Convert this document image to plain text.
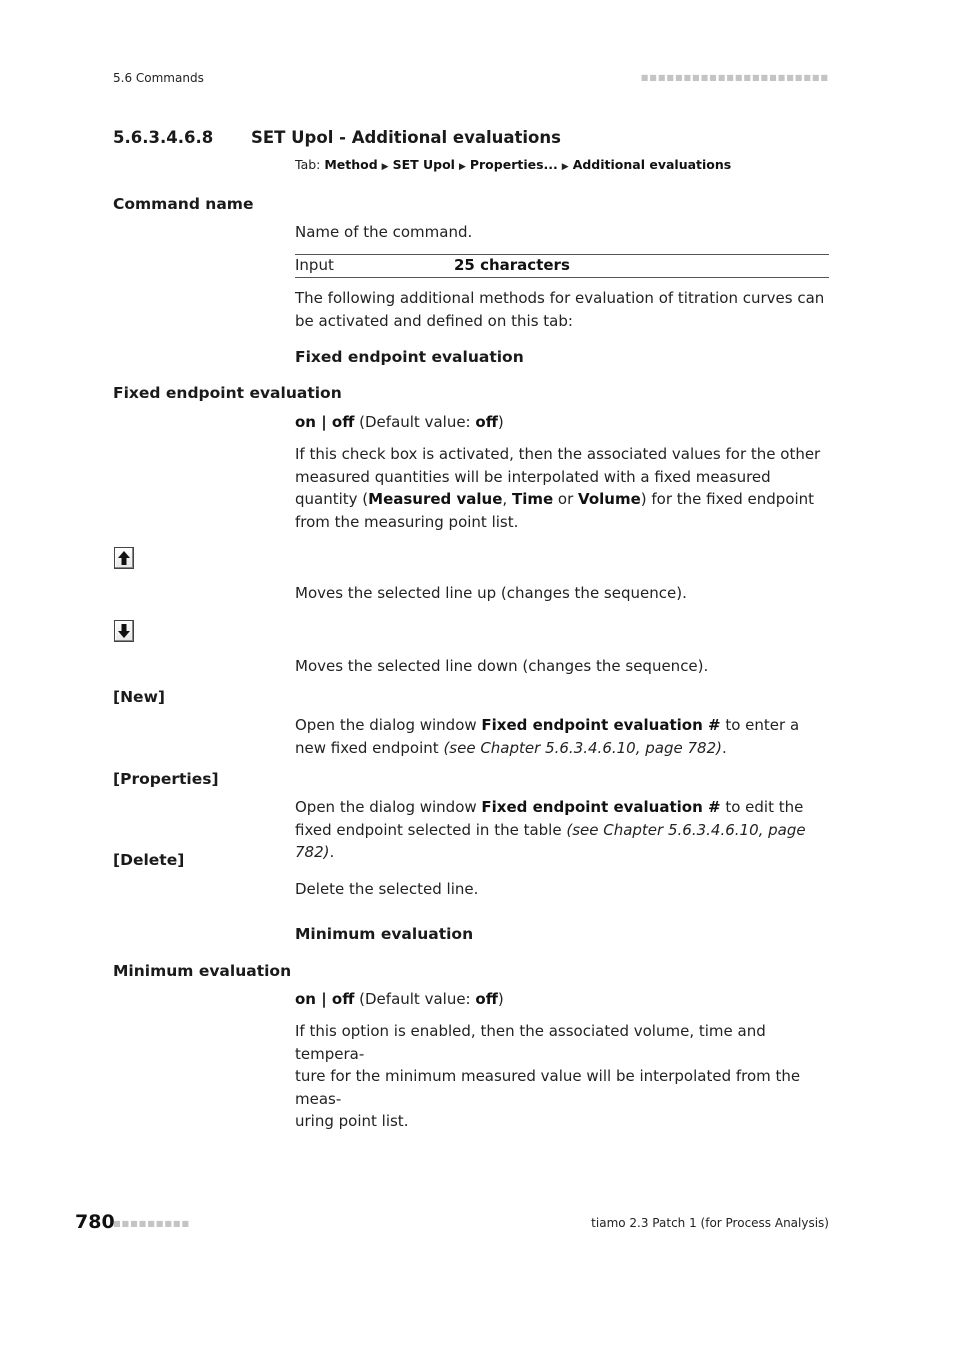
5.6 Commands	■■■■■■■■■■■■■■■■■■■■■■
5.6.3.4.6.8 SET Upol - Additional evaluations
Tab: Method ▶ SET Upol ▶ Properties... ▶ Additional evaluations
Command name
Name of the command.
Input	25 characters
The following additional methods for evaluation of titration curves can be activated and defined on this tab:
Fixed endpoint evaluation
Fixed endpoint evaluation
on | off (Default value: off)
If this check box is activated, then the associated values for the other measured quantities will be interpolated with a fixed measured quantity (Measured value, Time or Volume) for the fixed endpoint from the measuring point list.
Moves the selected line up (changes the sequence).
Moves the selected line down (changes the sequence).
[New]
Open the dialog window Fixed endpoint evaluation # to enter a new fixed endpoint (see Chapter 5.6.3.4.6.10, page 782).
[Properties]
Open the dialog window Fixed endpoint evaluation # to edit the fixed endpoint selected in the table (see Chapter 5.6.3.4.6.10, page 782).
[Delete]
Delete the selected line.
Minimum evaluation
Minimum evaluation
on | off (Default value: off)
If this option is enabled, then the associated volume, time and tempera-
ture for the minimum measured value will be interpolated from the meas-
uring point list.
780
■■■■■■■■■	tiamo 2.3 Patch 1 (for Process Analysis)
